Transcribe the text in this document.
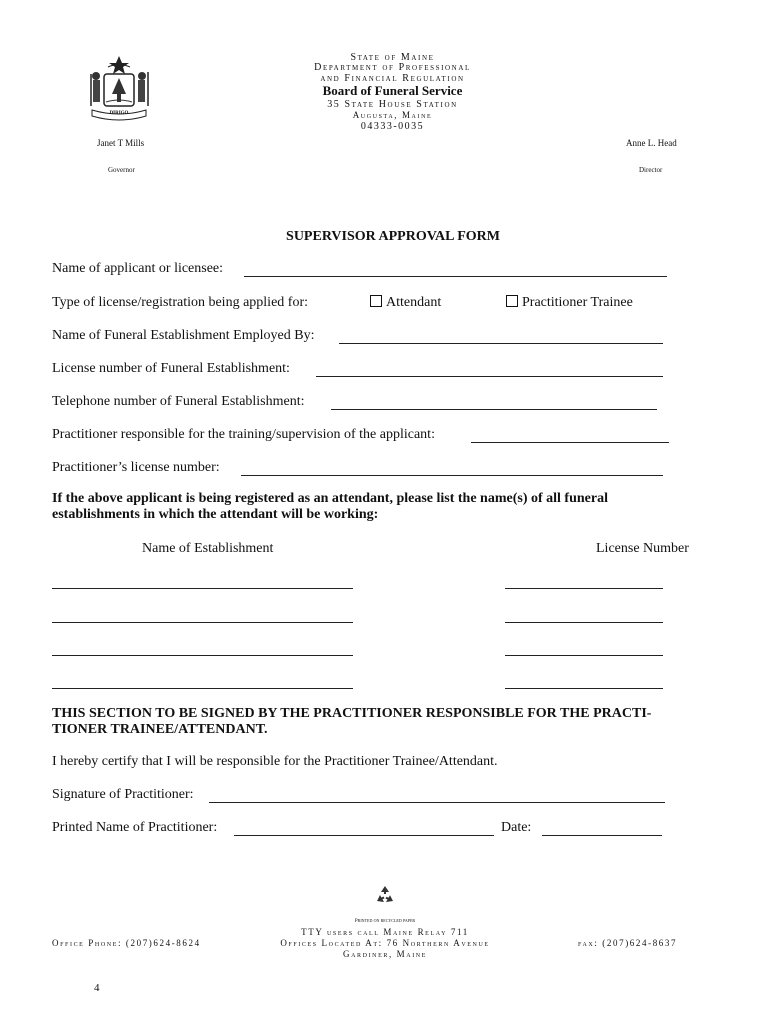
DIRIGO
State of Maine
Department of Professional
and Financial Regulation
Board of Funeral Service
35 State House Station
Augusta, Maine
04333-0035
Janet T Mills
Governor
Anne L. Head
Director
SUPERVISOR APPROVAL FORM
Name of applicant or licensee:
Type of license/registration being applied for:	Attendant	Practitioner Trainee
Name of Funeral Establishment Employed By:
License number of Funeral Establishment:
Telephone number of Funeral Establishment:
Practitioner responsible for the training/supervision of the applicant:
Practitioner’s license number:
If the above applicant is being registered as an attendant, please list the name(s) of all funeral establishments in which the attendant will be working:
Name of Establishment	License Number
THIS SECTION TO BE SIGNED BY THE PRACTITIONER RESPONSIBLE FOR THE PRACTI-
TIONER TRAINEE/ATTENDANT.
I hereby certify that I will be responsible for the Practitioner Trainee/Attendant.
Signature of Practitioner:
Printed Name of Practitioner:	Date:
Printed on recycled paper
Office Phone: (207)624-8624
TTY users call Maine Relay 711
Offices Located At: 76 Northern Avenue
Gardiner, Maine
fax: (207)624-8637
4
